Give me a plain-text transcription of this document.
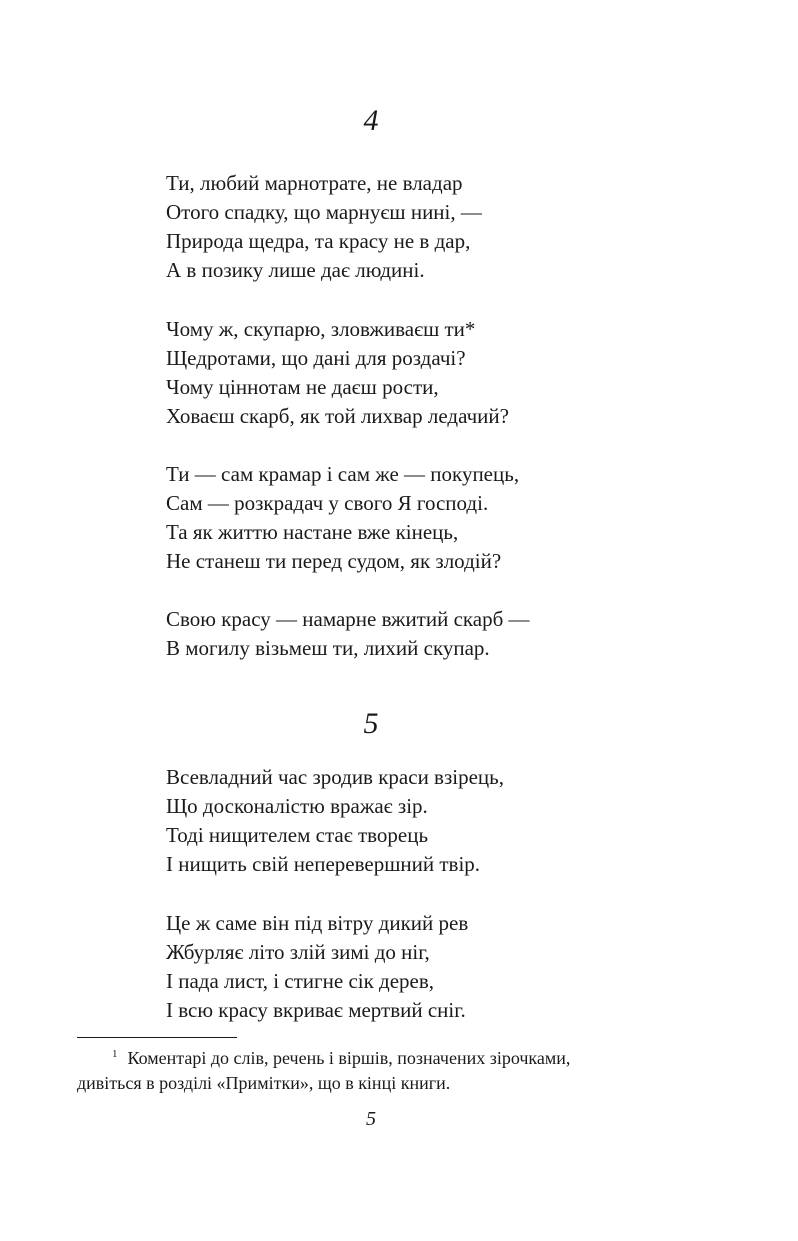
4
Ти, любий марнотрате, не владар
Отого спадку, що марнуєш нині, —
Природа щедра, та красу не в дар,
А в позику лише дає людині.
Чому ж, скупарю, зловживаєш ти*
Щедротами, що дані для роздачі?
Чому ціннотам не даєш рости,
Ховаєш скарб, як той лихвар ледачий?
Ти — сам крамар і сам же — покупець,
Сам — розкрадач у свого Я господі.
Та як життю настане вже кінець,
Не станеш ти перед судом, як злодій?
Свою красу — намарне вжитий скарб —
В могилу візьмеш ти, лихий скупар.
5
Всевладний час зродив краси взірець,
Що досконалістю вражає зір.
Тоді нищителем стає творець
І нищить свій неперевершний твір.
Це ж саме він під вітру дикий рев
Жбурляє літо злій зимі до ніг,
І пада лист, і стигне сік дерев,
І всю красу вкриває мертвий сніг.
$^1$ Коментарі до слів, речень і віршів, позначених зірочками,
дивіться в розділі «Примітки», що в кінці книги.
5
